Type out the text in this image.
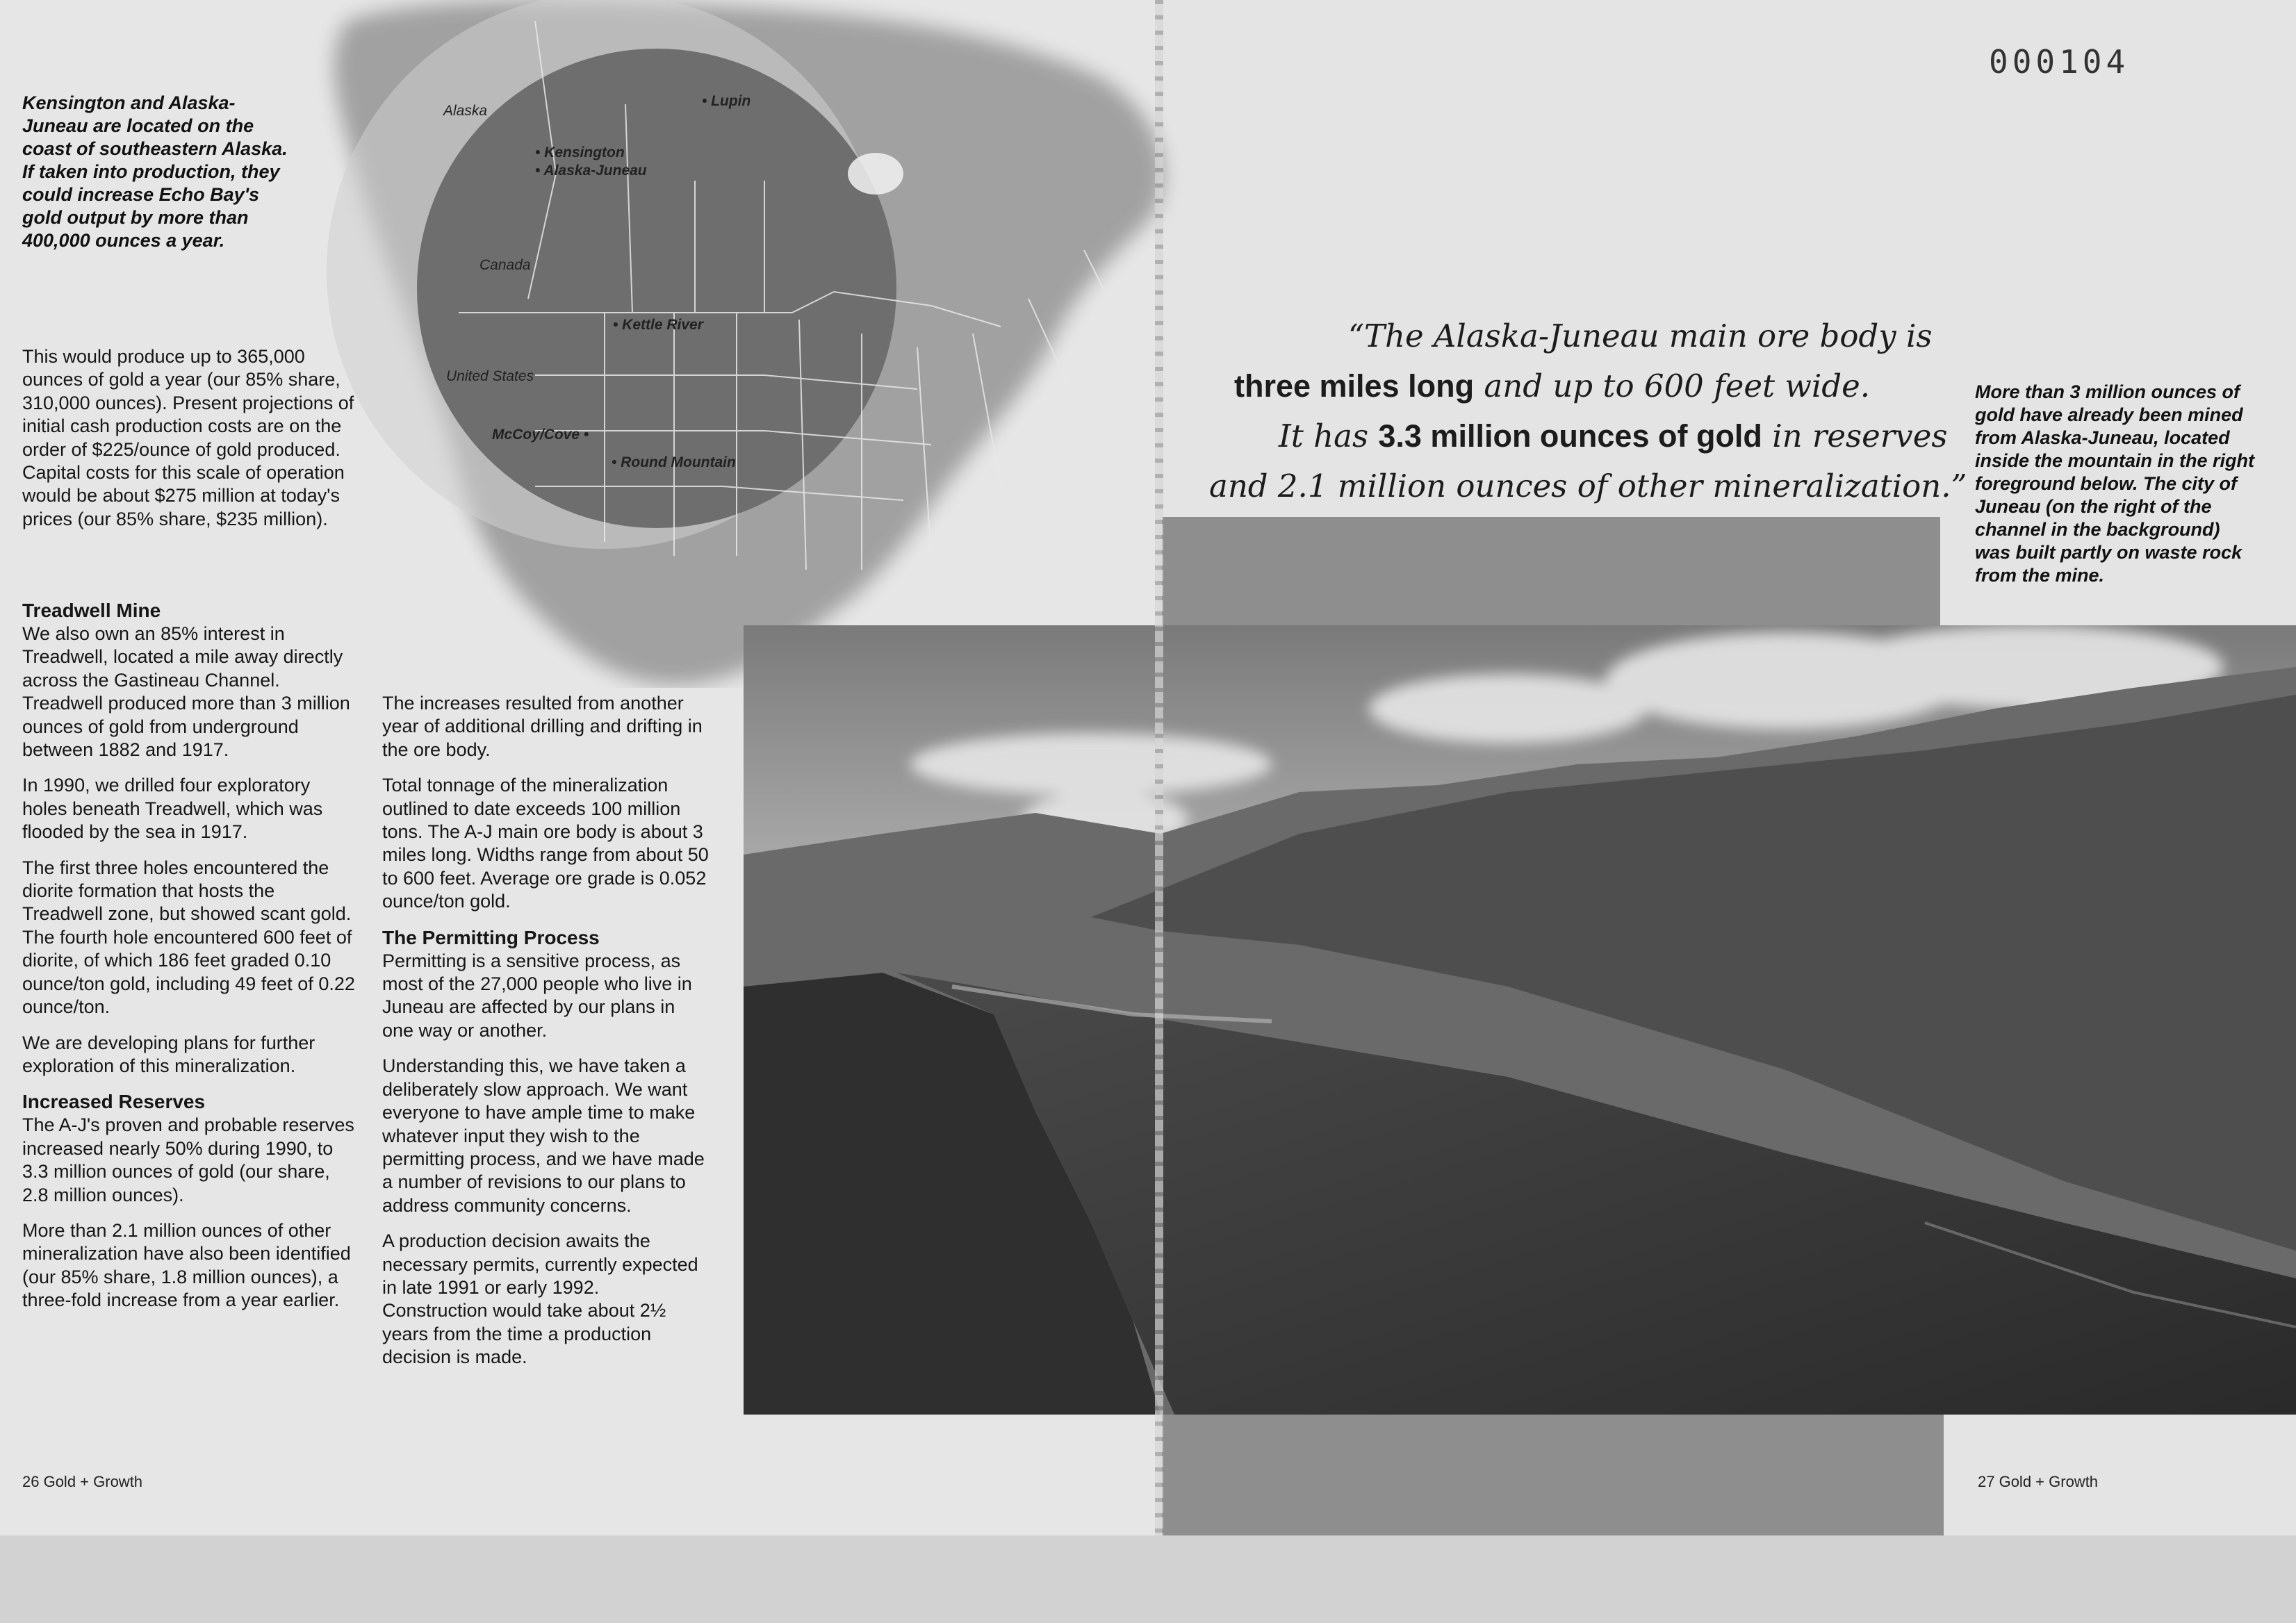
Alaska
• Lupin
• Kensington
• Alaska-Juneau
Canada
• Kettle River
United States
McCoy/Cove •
• Round Mountain
Kensington and Alaska-Juneau are located on the coast of southeastern Alaska. If taken into production, they could increase Echo Bay's gold output by more than 400,000 ounces a year.

This would produce up to 365,000 ounces of gold a year (our 85% share, 310,000 ounces). Present projections of initial cash production costs are on the order of $225/ounce of gold produced. Capital costs for this scale of operation would be about $275 million at today's prices (our 85% share, $235 million).

Treadwell Mine

We also own an 85% interest in Treadwell, located a mile away directly across the Gastineau Channel. Treadwell produced more than 3 million ounces of gold from underground between 1882 and 1917.

In 1990, we drilled four exploratory holes beneath Treadwell, which was flooded by the sea in 1917.

The first three holes encountered the diorite formation that hosts the Treadwell zone, but showed scant gold. The fourth hole encountered 600 feet of diorite, of which 186 feet graded 0.10 ounce/ton gold, including 49 feet of 0.22 ounce/ton.

We are developing plans for further exploration of this mineralization.

Increased Reserves

The A-J's proven and probable reserves increased nearly 50% during 1990, to 3.3 million ounces of gold (our share, 2.8 million ounces).

More than 2.1 million ounces of other mineralization have also been identified (our 85% share, 1.8 million ounces), a three-fold increase from a year earlier.

The increases resulted from another year of additional drilling and drifting in the ore body.

Total tonnage of the mineralization outlined to date exceeds 100 million tons. The A-J main ore body is about 3 miles long. Widths range from about 50 to 600 feet. Average ore grade is 0.052 ounce/ton gold.

The Permitting Process

Permitting is a sensitive process, as most of the 27,000 people who live in Juneau are affected by our plans in one way or another.

Understanding this, we have taken a deliberately slow approach. We want everyone to have ample time to make whatever input they wish to the permitting process, and we have made a number of revisions to our plans to address community concerns.

A production decision awaits the necessary permits, currently expected in late 1991 or early 1992. Construction would take about 2½ years from the time a production decision is made.

“The Alaska-Juneau main ore body is
three miles long and up to 600 feet wide.
It has 3.3 million ounces of gold in reserves
and 2.1 million ounces of other mineralization.”
More than 3 million ounces of gold have already been mined from Alaska-Juneau, located inside the mountain in the right foreground below. The city of Juneau (on the right of the channel in the background) was built partly on waste rock from the mine.
000104
26 Gold + Growth	27 Gold + Growth
